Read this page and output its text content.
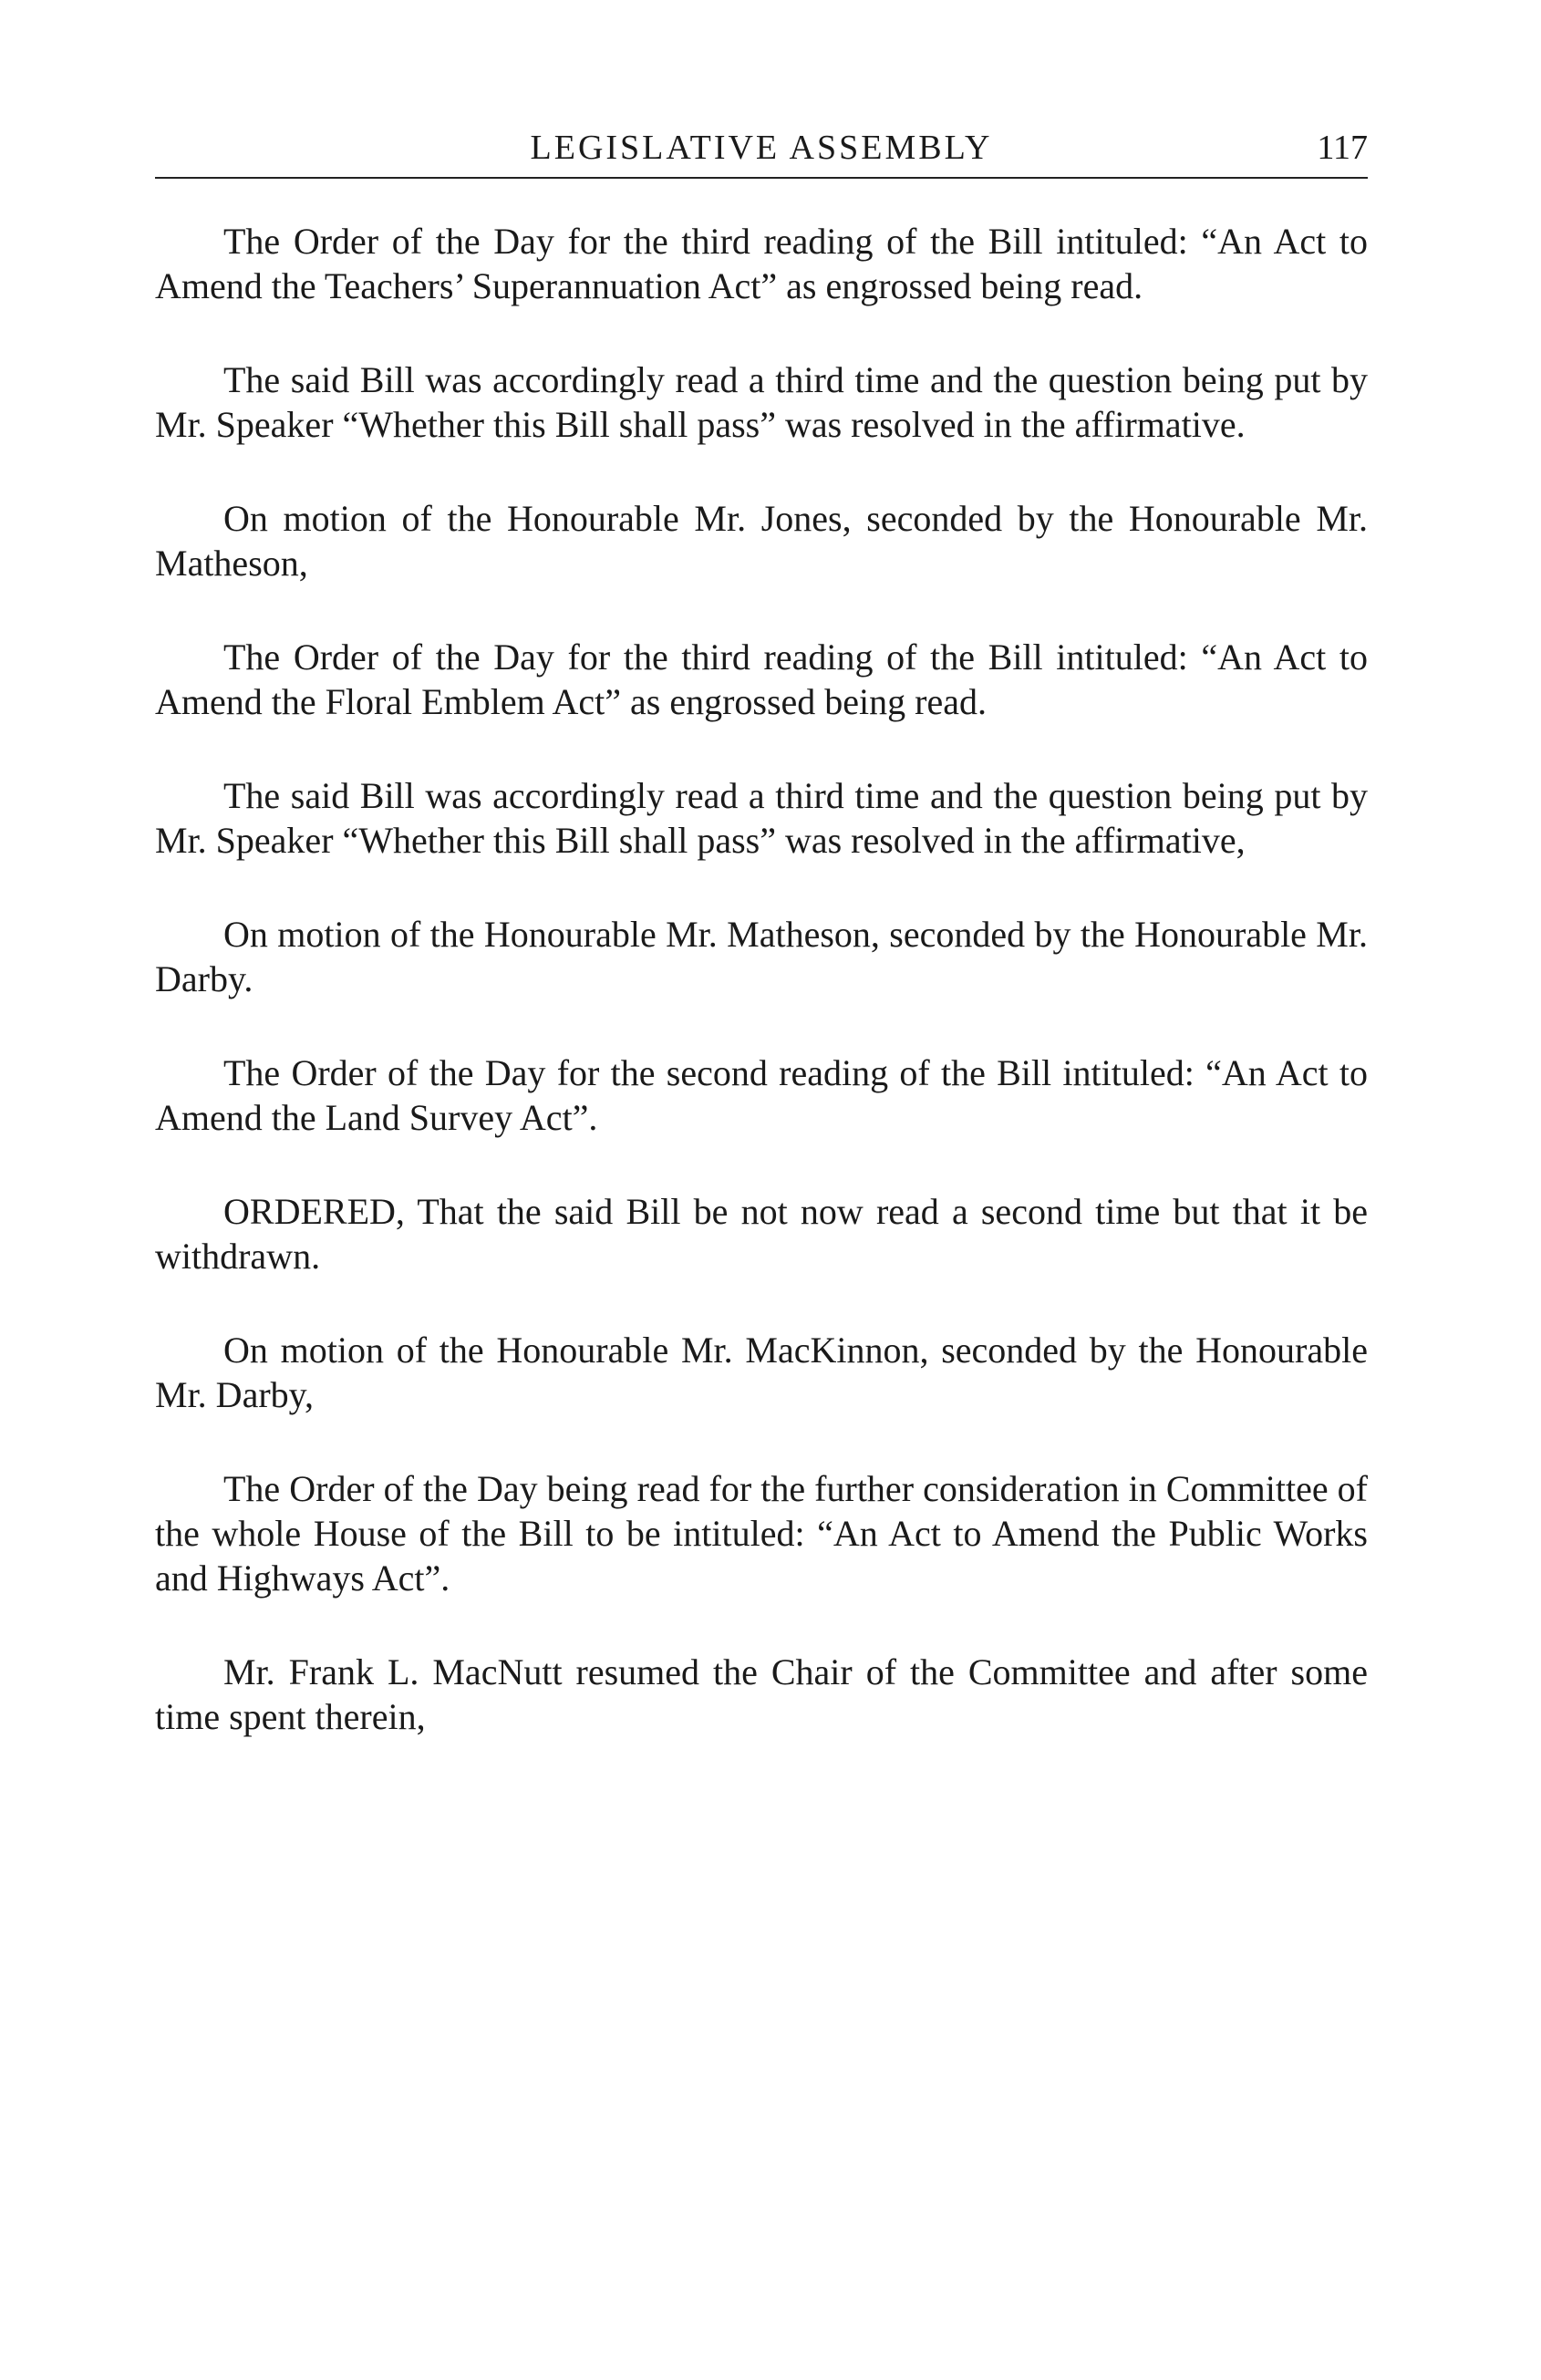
LEGISLATIVE ASSEMBLY	117

The Order of the Day for the third reading of the Bill intituled: “An Act to Amend the Teachers’ Superannuation Act” as engrossed being read.

The said Bill was accordingly read a third time and the question being put by Mr. Speaker “Whether this Bill shall pass” was resolved in the affirmative.

On motion of the Honourable Mr. Jones, seconded by the Honourable Mr. Matheson,

The Order of the Day for the third reading of the Bill intituled: “An Act to Amend the Floral Emblem Act” as engrossed being read.

The said Bill was accordingly read a third time and the question being put by Mr. Speaker “Whether this Bill shall pass” was resolved in the affirmative,

On motion of the Honourable Mr. Matheson, seconded by the Honourable Mr. Darby.

The Order of the Day for the second reading of the Bill intituled: “An Act to Amend the Land Survey Act”.

ORDERED, That the said Bill be not now read a second time but that it be withdrawn.

On motion of the Honourable Mr. MacKinnon, seconded by the Honourable Mr. Darby,

The Order of the Day being read for the further consideration in Committee of the whole House of the Bill to be intituled: “An Act to Amend the Public Works and Highways Act”.

Mr. Frank L. MacNutt resumed the Chair of the Committee and after some time spent therein,
